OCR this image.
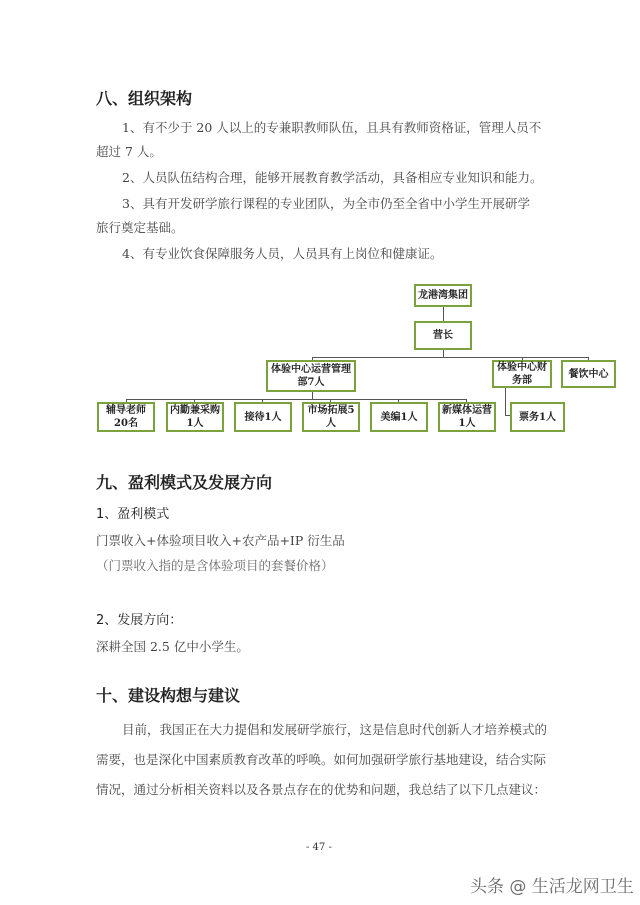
八、组织架构
1、有不少于 20 人以上的专兼职教师队伍，且具有教师资格证，管理人员不
超过 7 人。
2、人员队伍结构合理，能够开展教育教学活动，具备相应专业知识和能力。
3、具有开发研学旅行课程的专业团队，为全市仍至全省中小学生开展研学
旅行奠定基础。
4、有专业饮食保障服务人员，人员具有上岗位和健康证。
龙港湾集团
营长
体验中心运营管理部7人
体验中心财务部
餐饮中心
辅导老师20名
内勤兼采购1人
接待1人
市场拓展5人
美编1人
新媒体运营1人
票务1人
九、盈利模式及发展方向
1、盈利模式
门票收入+体验项目收入+农产品+IP 衍生品
（门票收入指的是含体验项目的套餐价格）
2、发展方向：
深耕全国 2.5 亿中小学生。
十、建设构想与建议
目前，我国正在大力提倡和发展研学旅行，这是信息时代创新人才培养模式的
需要，也是深化中国素质教育改革的呼唤。如何加强研学旅行基地建设，结合实际
情况，通过分析相关资料以及各景点存在的优势和问题，我总结了以下几点建议：
- 47 -
头条 @ 生活龙网卫生
